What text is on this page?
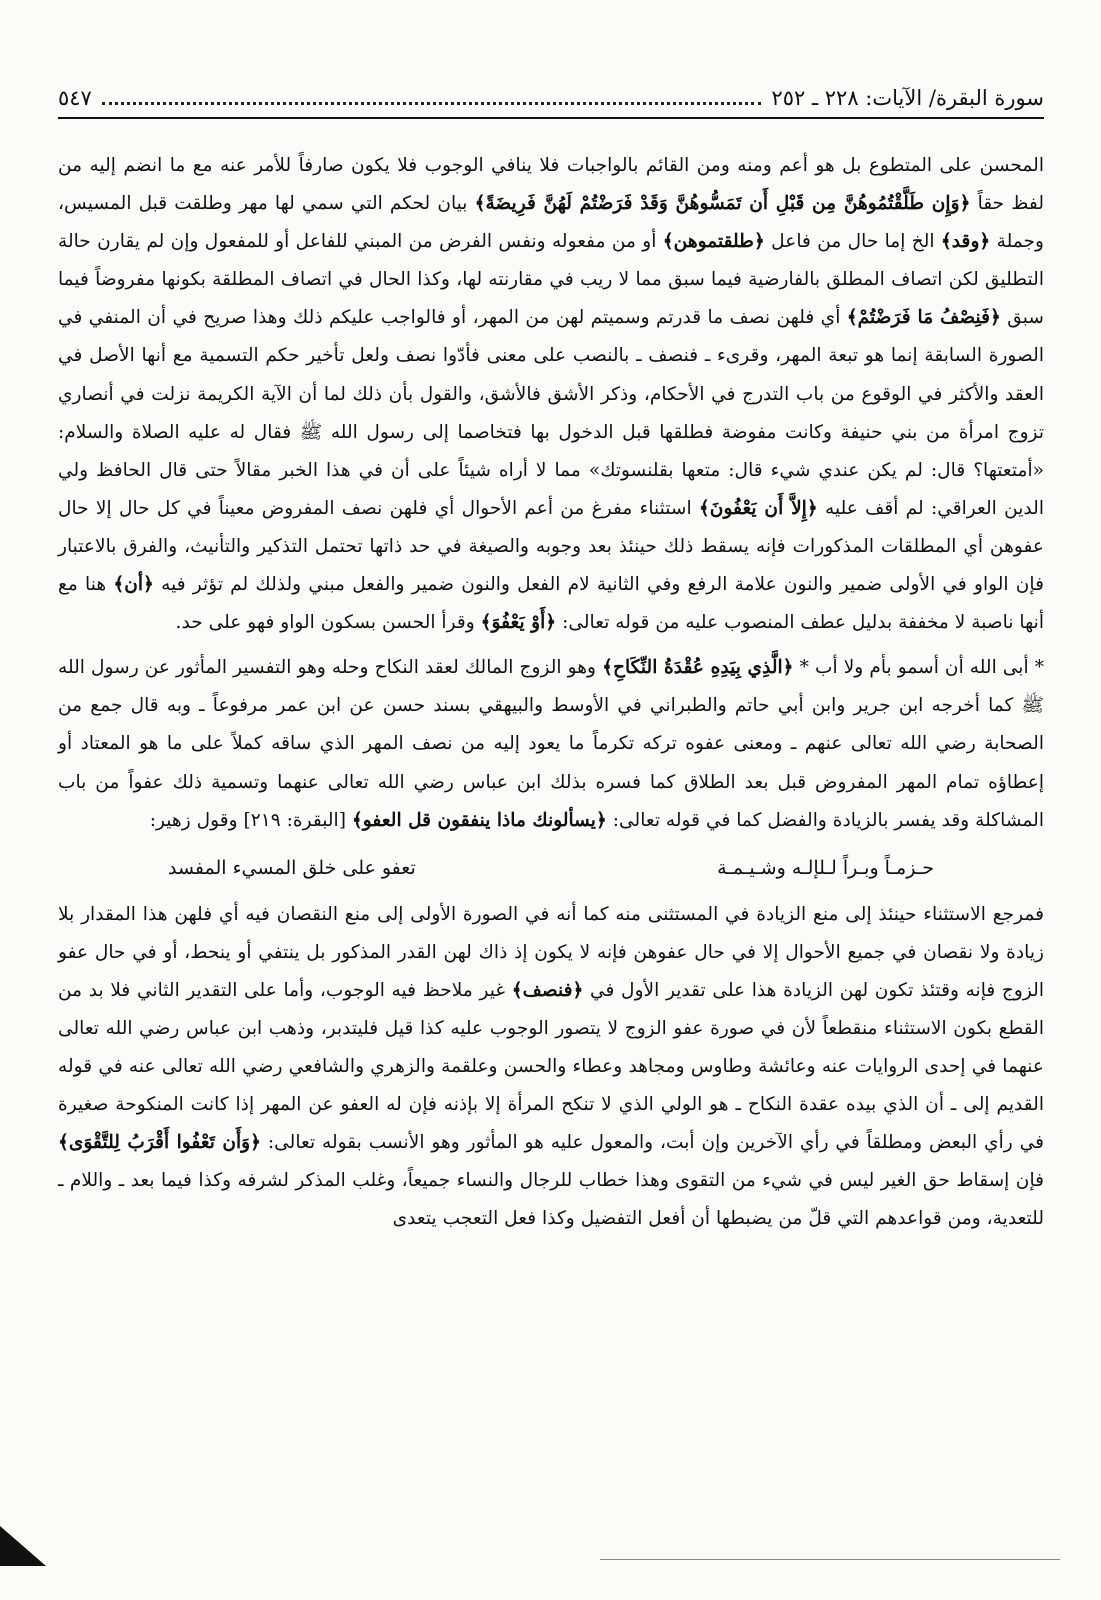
سورة البقرة/ الآيات: ٢٢٨ ـ ٢٥٢
٥٤٧

المحسن على المتطوع بل هو أعم ومنه ومن القائم بالواجبات فلا ينافي الوجوب فلا يكون صارفاً للأمر عنه مع ما انضم إليه من لفظ حقاً ﴿وَإِن طَلَّقْتُمُوهُنَّ مِن قَبْلِ أَن تَمَسُّوهُنَّ وَقَدْ فَرَضْتُمْ لَهُنَّ فَرِيضَةً﴾ بيان لحكم التي سمي لها مهر وطلقت قبل المسيس، وجملة ﴿وقد﴾ الخ إما حال من فاعل ﴿طلقتموهن﴾ أو من مفعوله ونفس الفرض من المبني للفاعل أو للمفعول وإن لم يقارن حالة التطليق لكن اتصاف المطلق بالفارضية فيما سبق مما لا ريب في مقارنته لها، وكذا الحال في اتصاف المطلقة بكونها مفروضاً فيما سبق ﴿فَنِصْفُ مَا فَرَضْتُمْ﴾ أي فلهن نصف ما قدرتم وسميتم لهن من المهر، أو فالواجب عليكم ذلك وهذا صريح في أن المنفي في الصورة السابقة إنما هو تبعة المهر، وقرىء ـ فنصف ـ بالنصب على معنى فأدّوا نصف ولعل تأخير حكم التسمية مع أنها الأصل في العقد والأكثر في الوقوع من باب التدرج في الأحكام، وذكر الأشق فالأشق، والقول بأن ذلك لما أن الآية الكريمة نزلت في أنصاري تزوج امرأة من بني حنيفة وكانت مفوضة فطلقها قبل الدخول بها فتخاصما إلى رسول الله ﷺ فقال له عليه الصلاة والسلام: «أمتعتها؟ قال: لم يكن عندي شيء قال: متعها بقلنسوتك» مما لا أراه شيئاً على أن في هذا الخبر مقالاً حتى قال الحافظ ولي الدين العراقي: لم أقف عليه ﴿إِلاَّ أَن يَعْفُونَ﴾ استثناء مفرغ من أعم الأحوال أي فلهن نصف المفروض معيناً في كل حال إلا حال عفوهن أي المطلقات المذكورات فإنه يسقط ذلك حينئذ بعد وجوبه والصيغة في حد ذاتها تحتمل التذكير والتأنيث، والفرق بالاعتبار فإن الواو في الأولى ضمير والنون علامة الرفع وفي الثانية لام الفعل والنون ضمير والفعل مبني ولذلك لم تؤثر فيه ﴿أن﴾ هنا مع أنها ناصبة لا مخففة بدليل عطف المنصوب عليه من قوله تعالى: ﴿أَوْ يَعْفُوَ﴾ وقرأ الحسن بسكون الواو فهو على حد.

* أبى الله أن أسمو بأم ولا أب * ﴿الَّذِي بِيَدِهِ عُقْدَةُ النِّكَاحِ﴾ وهو الزوج المالك لعقد النكاح وحله وهو التفسير المأثور عن رسول الله ﷺ كما أخرجه ابن جرير وابن أبي حاتم والطبراني في الأوسط والبيهقي بسند حسن عن ابن عمر مرفوعاً ـ وبه قال جمع من الصحابة رضي الله تعالى عنهم ـ ومعنى عفوه تركه تكرماً ما يعود إليه من نصف المهر الذي ساقه كملاً على ما هو المعتاد أو إعطاؤه تمام المهر المفروض قبل بعد الطلاق كما فسره بذلك ابن عباس رضي الله تعالى عنهما وتسمية ذلك عفواً من باب المشاكلة وقد يفسر بالزيادة والفضل كما في قوله تعالى: ﴿يسألونك ماذا ينفقون قل العفو﴾ [البقرة: ٢١٩] وقول زهير:

حـزمـاً وبـراً لـلإلـه وشـيـمـة
تعفو على خلق المسيء المفسد

فمرجع الاستثناء حينئذ إلى منع الزيادة في المستثنى منه كما أنه في الصورة الأولى إلى منع النقصان فيه أي فلهن هذا المقدار بلا زيادة ولا نقصان في جميع الأحوال إلا في حال عفوهن فإنه لا يكون إذ ذاك لهن القدر المذكور بل ينتفي أو ينحط، أو في حال عفو الزوج فإنه وقتئذ تكون لهن الزيادة هذا على تقدير الأول في ﴿فنصف﴾ غير ملاحظ فيه الوجوب، وأما على التقدير الثاني فلا بد من القطع بكون الاستثناء منقطعاً لأن في صورة عفو الزوج لا يتصور الوجوب عليه كذا قيل فليتدبر، وذهب ابن عباس رضي الله تعالى عنهما في إحدى الروايات عنه وعائشة وطاوس ومجاهد وعطاء والحسن وعلقمة والزهري والشافعي رضي الله تعالى عنه في قوله القديم إلى ـ أن الذي بيده عقدة النكاح ـ هو الولي الذي لا تنكح المرأة إلا بإذنه فإن له العفو عن المهر إذا كانت المنكوحة صغيرة في رأي البعض ومطلقاً في رأي الآخرين وإن أبت، والمعول عليه هو المأثور وهو الأنسب بقوله تعالى: ﴿وَأَن تَعْفُوا أَقْرَبُ لِلتَّقْوَى﴾ فإن إسقاط حق الغير ليس في شيء من التقوى وهذا خطاب للرجال والنساء جميعاً، وغلب المذكر لشرفه وكذا فيما بعد ـ واللام ـ للتعدية، ومن قواعدهم التي قلّ من يضبطها أن أفعل التفضيل وكذا فعل التعجب يتعدى
